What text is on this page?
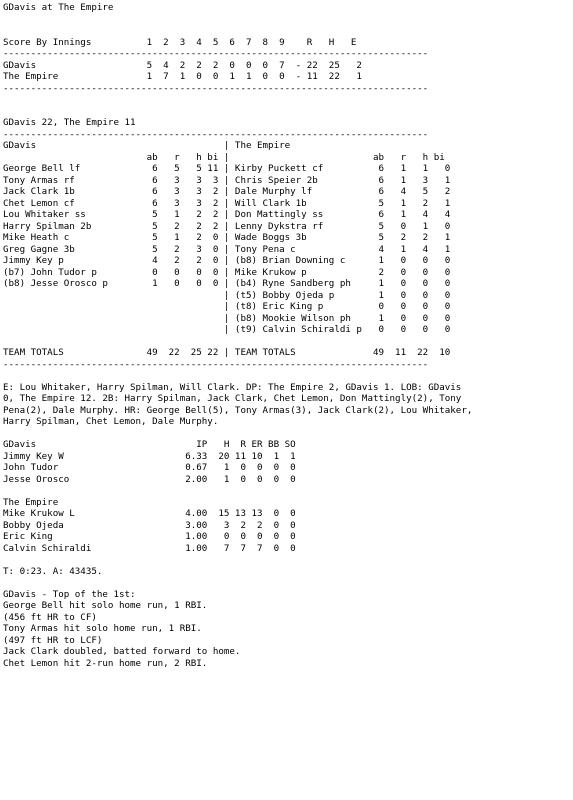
GDavis at The Empire

Score By Innings          1  2  3  4  5  6  7  8  9    R   H   E
-----------------------------------------------------------------------------
GDavis                    5  4  2  2  2  0  0  0  7  - 22  25   2
The Empire                1  7  1  0  0  1  1  0  0  - 11  22   1
-----------------------------------------------------------------------------

GDavis 22, The Empire 11
-----------------------------------------------------------------------------
GDavis                                  | The Empire
ab   r   h bi |                          ab   r   h bi
George Bell lf             6   5   5 11 | Kirby Puckett cf          6   1   1   0
Tony Armas rf              6   3   3  3 | Chris Speier 2b           6   1   3   1
Jack Clark 1b              6   3   3  2 | Dale Murphy lf            6   4   5   2
Chet Lemon cf              6   3   3  2 | Will Clark 1b             5   1   2   1
Lou Whitaker ss            5   1   2  2 | Don Mattingly ss          6   1   4   4
Harry Spilman 2b           5   2   2  2 | Lenny Dykstra rf          5   0   1   0
Mike Heath c               5   1   2  0 | Wade Boggs 3b             5   2   2   1
Greg Gagne 3b              5   2   3  0 | Tony Pena c               4   1   4   1
Jimmy Key p                4   2   2  0 | (b8) Brian Downing c      1   0   0   0
(b7) John Tudor p          0   0   0  0 | Mike Krukow p             2   0   0   0
(b8) Jesse Orosco p        1   0   0  0 | (b4) Ryne Sandberg ph     1   0   0   0
| (t5) Bobby Ojeda p        1   0   0   0
| (t8) Eric King p          0   0   0   0
| (b8) Mookie Wilson ph     1   0   0   0
| (t9) Calvin Schiraldi p   0   0   0   0

TEAM TOTALS               49  22  25 22 | TEAM TOTALS              49  11  22  10
-----------------------------------------------------------------------------

E: Lou Whitaker, Harry Spilman, Will Clark. DP: The Empire 2, GDavis 1. LOB: GDavis
0, The Empire 12. 2B: Harry Spilman, Jack Clark, Chet Lemon, Don Mattingly(2), Tony
Pena(2), Dale Murphy. HR: George Bell(5), Tony Armas(3), Jack Clark(2), Lou Whitaker,
Harry Spilman, Chet Lemon, Dale Murphy.

GDavis                             IP   H  R ER BB SO
Jimmy Key W                      6.33  20 11 10  1  1
John Tudor                       0.67   1  0  0  0  0
Jesse Orosco                     2.00   1  0  0  0  0

The Empire
Mike Krukow L                    4.00  15 13 13  0  0
Bobby Ojeda                      3.00   3  2  2  0  0
Eric King                        1.00   0  0  0  0  0
Calvin Schiraldi                 1.00   7  7  7  0  0

T: 0:23. A: 43435.

GDavis - Top of the 1st:
George Bell hit solo home run, 1 RBI.
(456 ft HR to CF)
Tony Armas hit solo home run, 1 RBI.
(497 ft HR to LCF)
Jack Clark doubled, batted forward to home.
Chet Lemon hit 2-run home run, 2 RBI.
